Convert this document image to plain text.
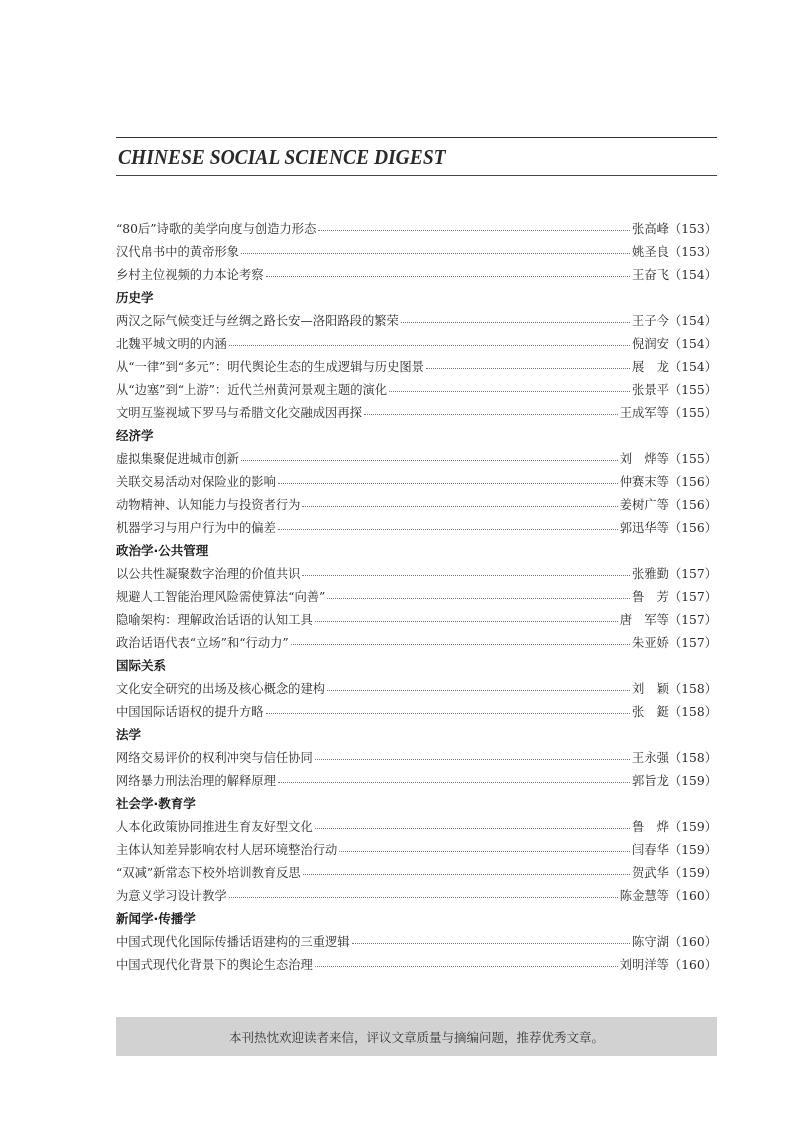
CHINESE SOCIAL SCIENCE DIGEST
“80后”诗歌的美学向度与创造力形态	张高峰 （153）
汉代帛书中的黄帝形象	姚圣良 （153）
乡村主位视频的力本论考察	王奋飞 （154）
历史学
两汉之际气候变迁与丝绸之路长安—洛阳路段的繁荣	王子今 （154）
北魏平城文明的内涵	倪润安 （154）
从“一律”到“多元”：明代舆论生态的生成逻辑与历史图景	展　龙 （154）
从“边塞”到“上游”：近代兰州黄河景观主题的演化	张景平 （155）
文明互鉴视域下罗马与希腊文化交融成因再探	王成军等 （155）
经济学
虚拟集聚促进城市创新	刘　烨等 （155）
关联交易活动对保险业的影响	仲赛末等 （156）
动物精神、认知能力与投资者行为	姜树广等 （156）
机器学习与用户行为中的偏差	郭迅华等 （156）
政治学·公共管理
以公共性凝聚数字治理的价值共识	张雅勤 （157）
规避人工智能治理风险需使算法“向善”	鲁　芳 （157）
隐喻架构：理解政治话语的认知工具	唐　军等 （157）
政治话语代表“立场”和“行动力”	朱亚娇 （157）
国际关系
文化安全研究的出场及核心概念的建构	刘　颖 （158）
中国国际话语权的提升方略	张　鋌 （158）
法学
网络交易评价的权利冲突与信任协同	王永强 （158）
网络暴力刑法治理的解释原理	郭旨龙 （159）
社会学·教育学
人本化政策协同推进生育友好型文化	鲁　烨 （159）
主体认知差异影响农村人居环境整治行动	闫春华 （159）
“双减”新常态下校外培训教育反思	贺武华 （159）
为意义学习设计教学	陈金慧等 （160）
新闻学·传播学
中国式现代化国际传播话语建构的三重逻辑	陈守湖 （160）
中国式现代化背景下的舆论生态治理	刘明洋等 （160）
本刊热忱欢迎读者来信，评议文章质量与摘编问题，推荐优秀文章。
